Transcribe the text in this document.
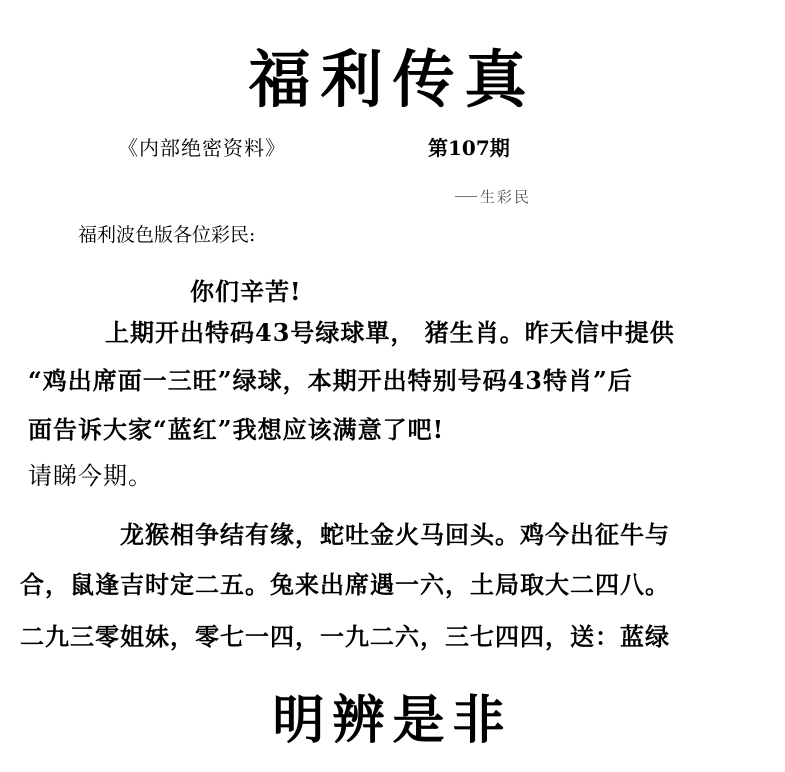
福利传真
《内部绝密资料》	第107期
生彩民
福利波色版各位彩民:
你们辛苦!
上期开出特码43号绿球單， 猪生肖。昨天信中提供
“鸡出席面一三旺”绿球，本期开出特别号码43特肖”后
面告诉大家“蓝红”我想应该满意了吧!
请睇今期。
龙猴相争结有缘，蛇吐金火马回头。鸡今出征牛与
合，鼠逢吉时定二五。兔来出席遇一六，土局取大二四八。
二九三零姐妹，零七一四，一九二六，三七四四，送：蓝绿
明辨是非
